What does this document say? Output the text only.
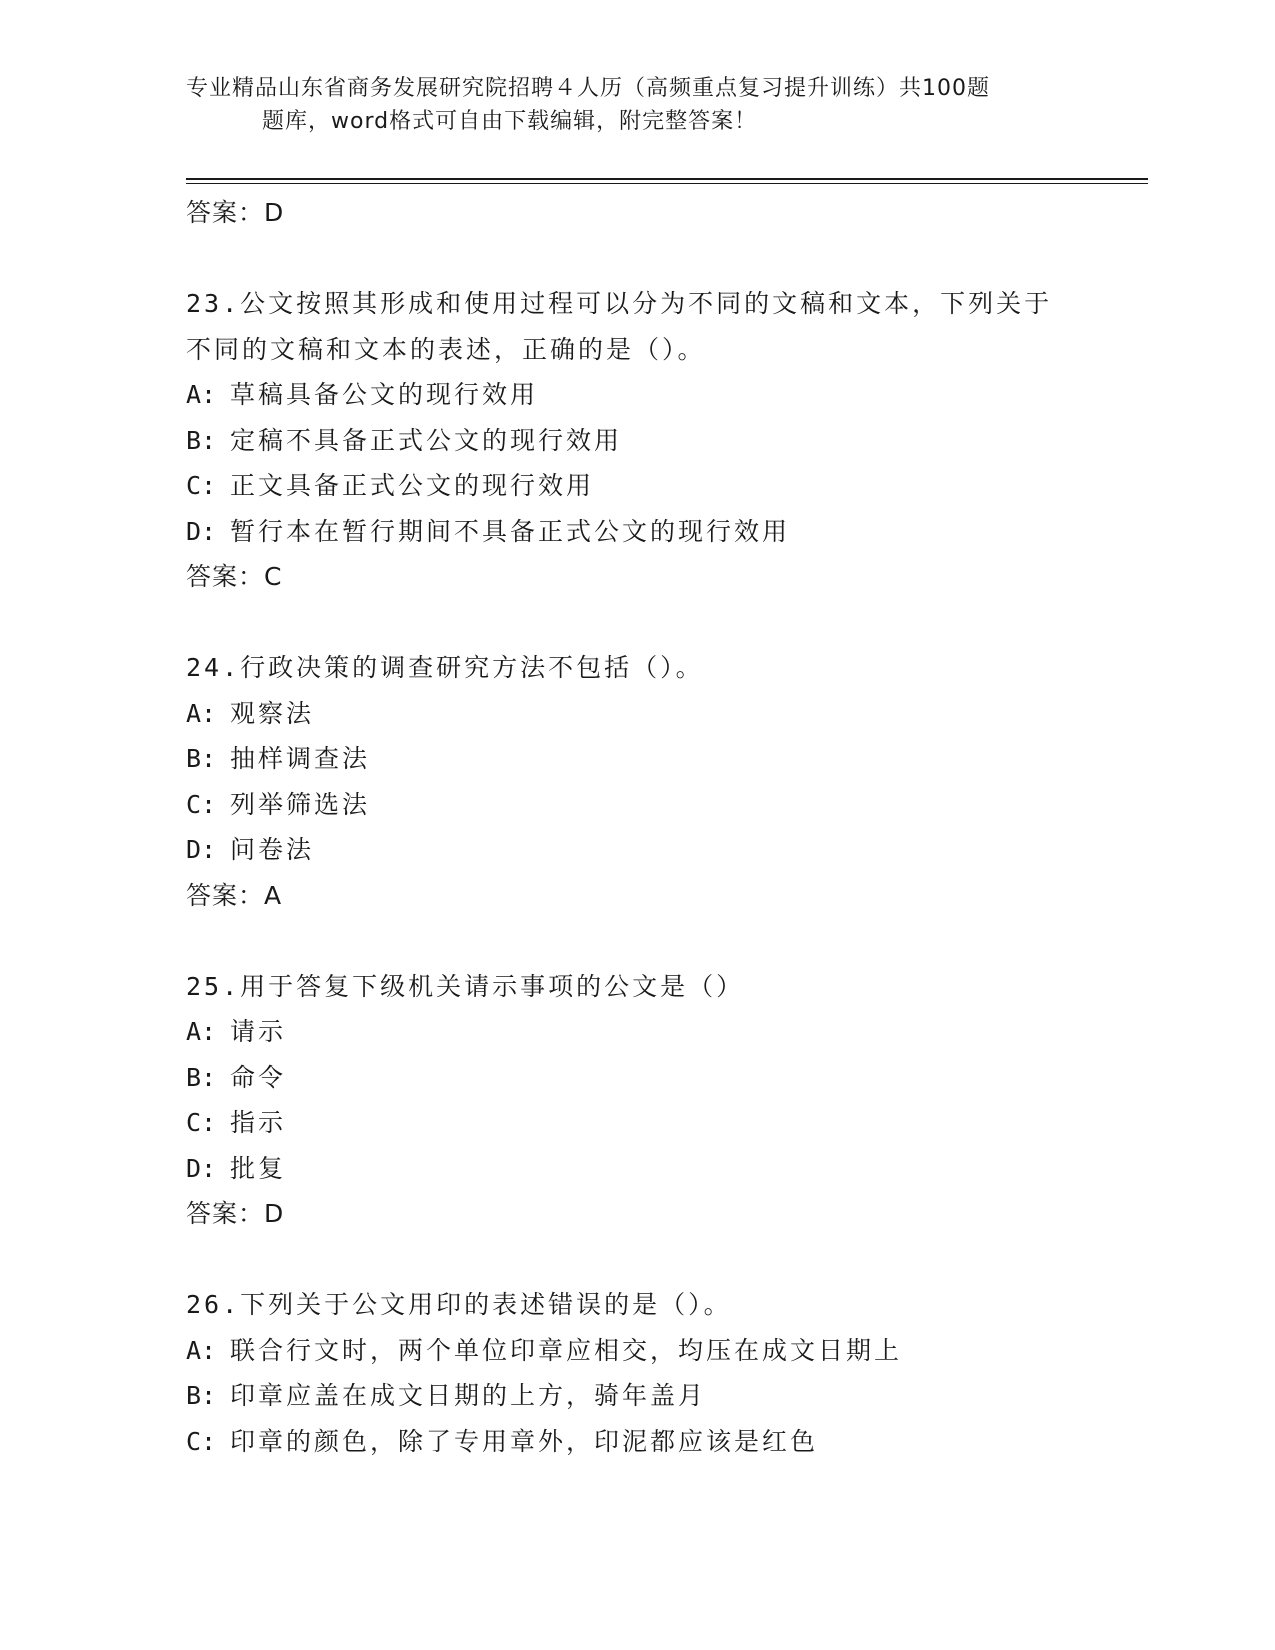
专业精品山东省商务发展研究院招聘４人历（高频重点复习提升训练）共100题
题库，word格式可自由下载编辑，附完整答案！
答案：D
23.公文按照其形成和使用过程可以分为不同的文稿和文本，下列关于
不同的文稿和文本的表述，正确的是（）。
A: 草稿具备公文的现行效用
B: 定稿不具备正式公文的现行效用
C: 正文具备正式公文的现行效用
D: 暂行本在暂行期间不具备正式公文的现行效用
答案：C
24.行政决策的调查研究方法不包括（）。
A: 观察法
B: 抽样调查法
C: 列举筛选法
D: 问卷法
答案：A
25.用于答复下级机关请示事项的公文是（）
A: 请示
B: 命令
C: 指示
D: 批复
答案：D
26.下列关于公文用印的表述错误的是（）。
A: 联合行文时，两个单位印章应相交，均压在成文日期上
B: 印章应盖在成文日期的上方，骑年盖月
C: 印章的颜色，除了专用章外，印泥都应该是红色
